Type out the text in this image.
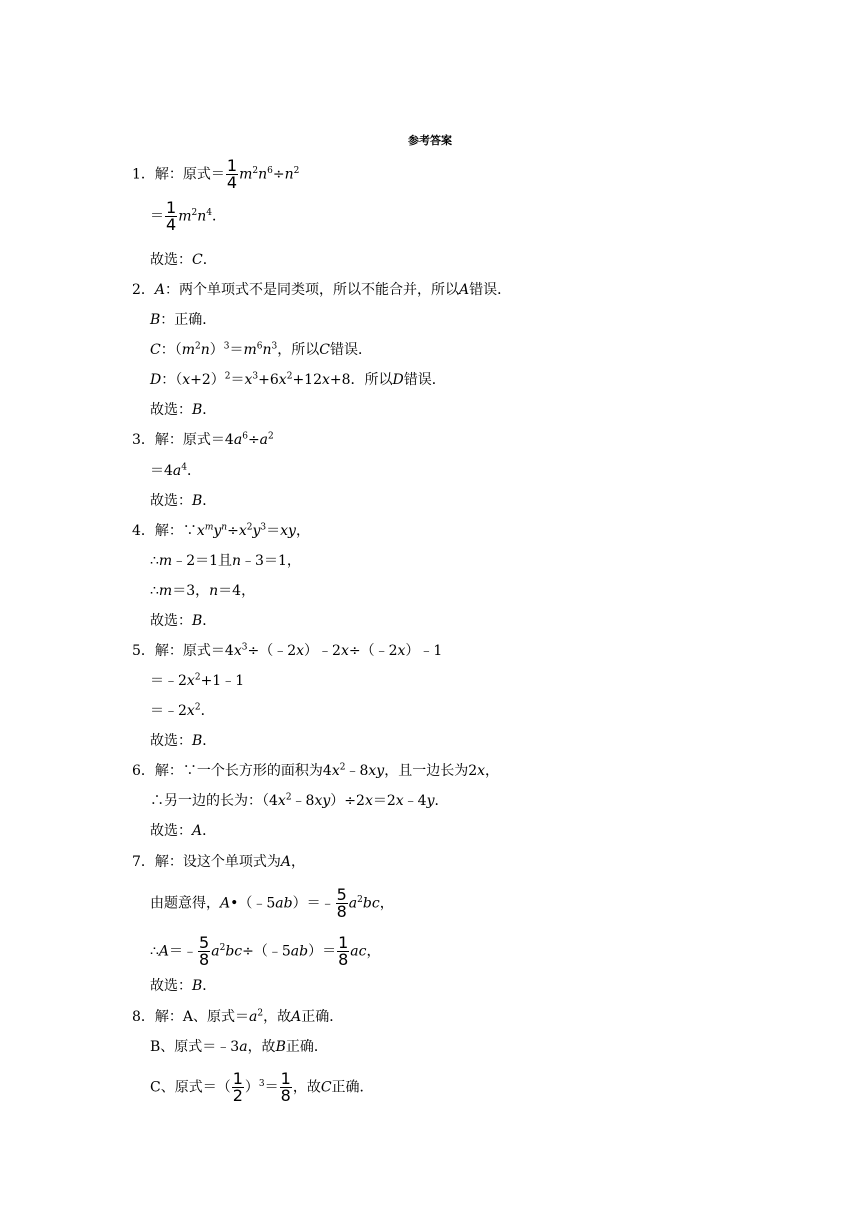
参考答案
1．解：原式＝ $\frac{1}{4} m^2n^6\div n^2$
＝ $\frac{1}{4} m^2n^4$．
故选：C．
2．A：两个单项式不是同类项，所以不能合并，所以A错误．
B：正确．
C：$(m^2n)^3=m^6n^3$，所以C错误．
D：$(x+2)^2=x^3+6x^2+12x+8$．所以D错误．
故选：B．
3．解：原式$=4a^6\div a^2$
$=4a^4$．
故选：B．
4．解：$\because x^my^n\div x^2y^3=xy$，
∴m﹣2＝1且n﹣3＝1，
∴m＝3，n＝4，
故选：B．
5．解：原式$=4x^3\div(﹣2x)﹣2x\div(﹣2x)﹣1$
$=﹣2x^2+1﹣1$
$=﹣2x^2$．
故选：B．
6．解：∵一个长方形的面积为$4x^2﹣8xy$，且一边长为2x，
∴另一边的长为：$(4x^2﹣8xy)\div 2x=2x﹣4y$．
故选：A．
7．解：设这个单项式为A，
由题意得，A•（﹣5ab）＝﹣ $\frac{5}{8} a^2bc$，
∴A＝﹣ $\frac{5}{8}$ $a^2bc\div(﹣5ab)= \frac{1}{8}$ ac，
故选：B．
8．解：A、原式$=a^2$，故A正确．
B、原式＝﹣3a，故B正确．
C、原式＝（ $\frac{1}{2} )^3= \frac{1}{8}$ ，故C正确．
